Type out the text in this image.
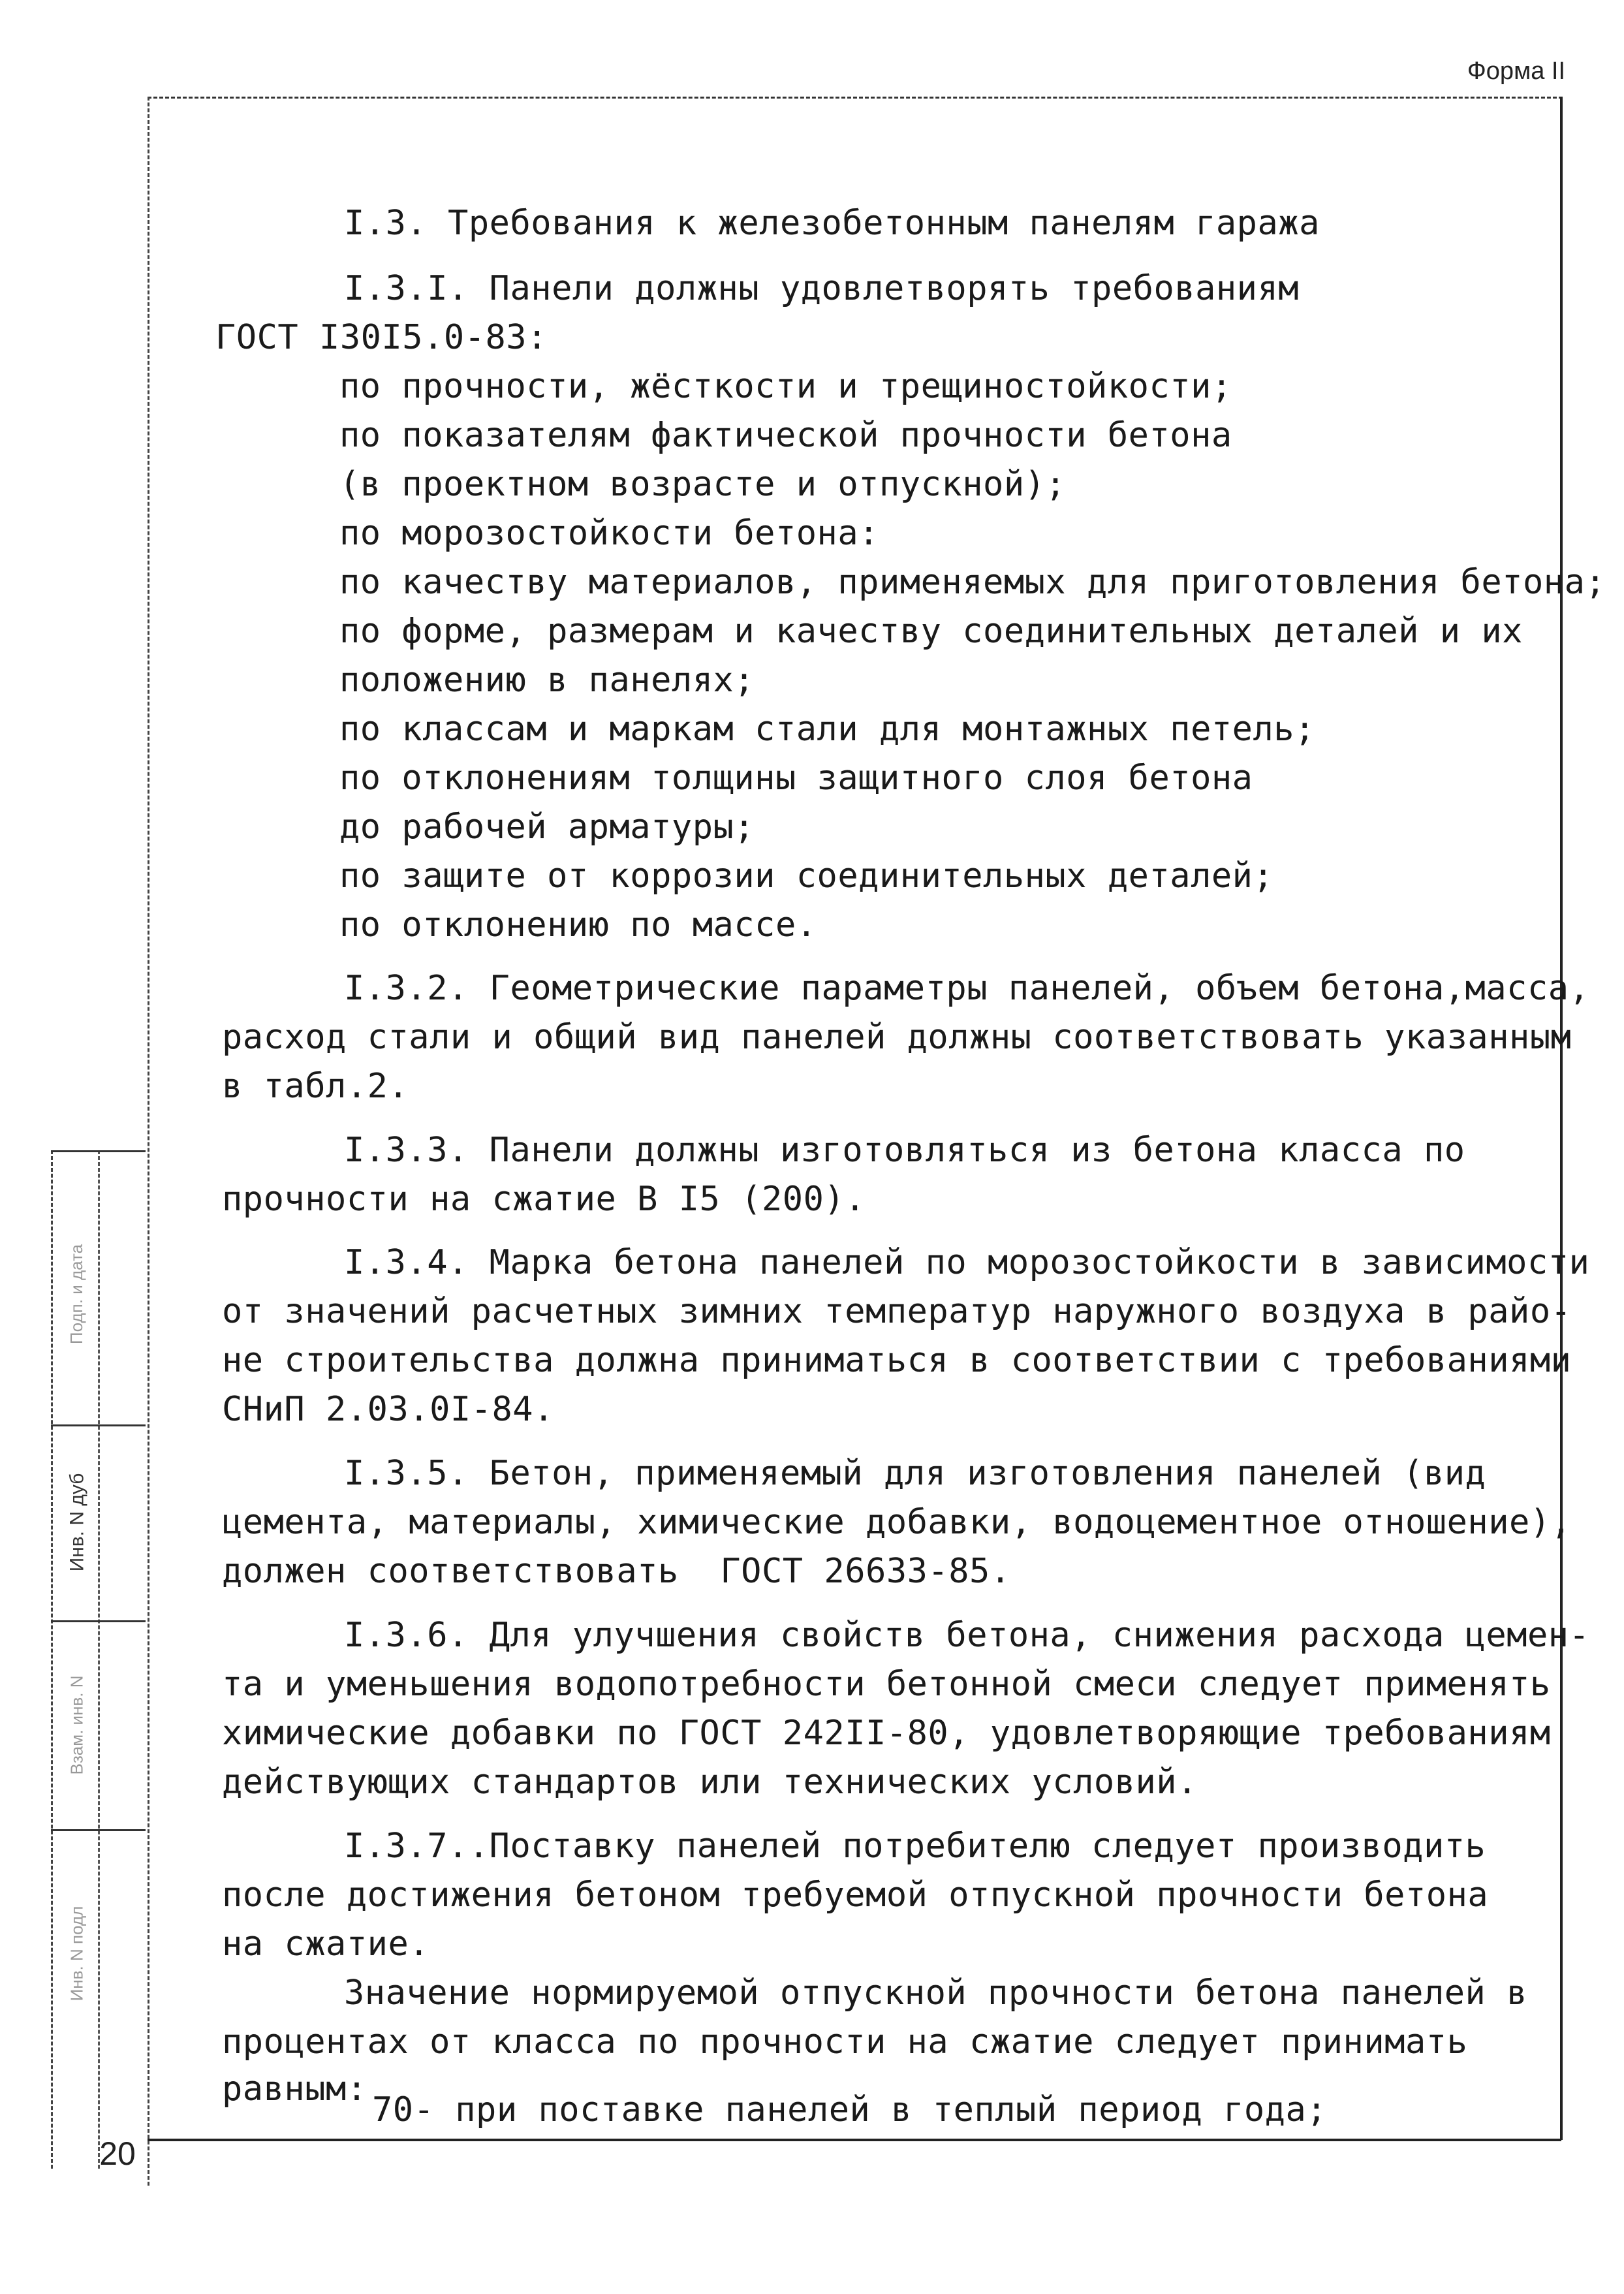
Форма II
Подп. и дата
Инв. N дуб
Взам. инв. N
Инв. N подл
20
I.3. Требования к железобетонным панелям гаража
I.3.I. Панели должны удовлетворять требованиям
ГОСТ I30I5.0-83:
по прочности, жёсткости и трещиностойкости;
по показателям фактической прочности бетона
(в проектном возрасте и отпускной);
по морозостойкости бетона:
по качеству материалов, применяемых для приготовления бетона;
по форме, размерам и качеству соединительных деталей и их
положению в панелях;
по классам и маркам стали для монтажных петель;
по отклонениям толщины защитного слоя бетона
до рабочей арматуры;
по защите от коррозии соединительных деталей;
по отклонению по массе.
I.3.2. Геометрические параметры панелей, объем бетона,масса,
расход стали и общий вид панелей должны соответствовать указанным
в табл.2.
I.3.3. Панели должны изготовляться из бетона класса по
прочности на сжатие В I5 (200).
I.3.4. Марка бетона панелей по морозостойкости в зависимости
от значений расчетных зимних температур наружного воздуха в райо-
не строительства должна приниматься в соответствии с требованиями
СНиП 2.03.0I-84.
I.3.5. Бетон, применяемый для изготовления панелей (вид
цемента, материалы, химические добавки, водоцементное отношение),
должен соответствовать  ГОСТ 26633-85.
I.3.6. Для улучшения свойств бетона, снижения расхода цемен-
та и уменьшения водопотребности бетонной смеси следует применять
химические добавки по ГОСТ 242II-80, удовлетворяющие требованиям
действующих стандартов или технических условий.
I.3.7..Поставку панелей потребителю следует производить
после достижения бетоном требуемой отпускной прочности бетона
на сжатие.
Значение нормируемой отпускной прочности бетона панелей в
процентах от класса по прочности на сжатие следует принимать
равным:
70- при поставке панелей в теплый период года;
